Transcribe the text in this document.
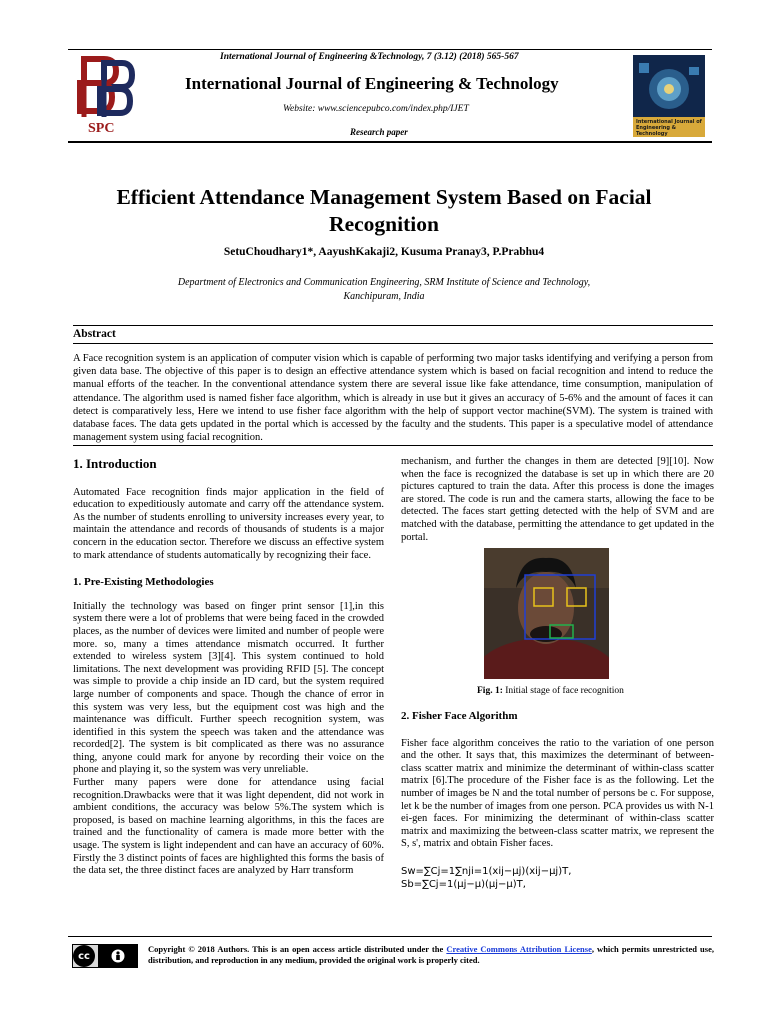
SPC
International Journal of Engineering &Technology, 7 (3.12) (2018) 565-567
International Journal of Engineering & Technology
Website: www.sciencepubco.com/index.php/IJET
Research paper
International Journal of Engineering & Technology
Efficient Attendance Management System Based on Facial
Recognition
SetuChoudhary1*, AayushKakaji2, Kusuma Pranay3, P.Prabhu4
Department of Electronics and Communication Engineering, SRM Institute of Science and Technology,
Kanchipuram, India
Abstract
A Face recognition system is an application of computer vision which is capable of performing two major tasks identifying and verifying a person from given data base. The objective of this paper is to design an effective attendance system which is based on facial recognition and intend to reduce the manual efforts of the teacher. In the conventional attendance system there are several issue like fake attendance, time consumption, manipulation of attendance. The algorithm used is named fisher face algorithm, which is already in use but it gives an accuracy of 5-6% and the amount of faces it can detect is comparatively less, Here we intend to use fisher face algorithm with the help of support vector machine(SVM). The system is trained with database faces. The data gets updated in the portal which is accessed by the faculty and the students. This paper is a speculative model of attendance management system using facial recognition.
1. Introduction

Automated Face recognition finds major application in the field of education to expeditiously automate and carry off the attendance system. As the number of students enrolling to university increases every year, to maintain the attendance and records of thousands of students is a major concern in the education sector. Therefore we discuss an effective system to mark attendance of students automatically by recognizing their face.

1. Pre-Existing Methodologies

Initially the technology was based on finger print sensor [1],in this system there were a lot of problems that were being faced in the crowded places, as the number of devices were limited and number of people were more. so, many a times attendance mismatch occurred. It further extended to wireless system [3][4]. This system continued to hold limitations. The next development was providing RFID [5]. The concept was simple to provide a chip inside an ID card, but the system required large number of components and space. Though the chance of error in this system was very less, but the equipment cost was high and the maintenance was difficult. Further speech recognition system, was identified in this system the speech was taken and the attendance was recorded[2]. The system is bit complicated as there was no assurance thing, anyone could mark for anyone by recording their voice on the phone and playing it, so the system was very unreliable.

Further many papers were done for attendance using facial recognition.Drawbacks were that it was light dependent, did not work in ambient conditions, the accuracy was below 5%.The system which is proposed, is based on machine learning algorithms, in this the faces are trained and the functionality of camera is made more better with the usage. The system is light independent and can have an accuracy of 60%. Firstly the 3 distinct points of faces are highlighted this forms the basis of the data set, the three distinct faces are analyzed by Harr transform

mechanism, and further the changes in them are detected [9][10]. Now when the face is recognized the database is set up in which there are 20 pictures captured to train the data. After this process is done the images are stored. The code is run and the camera starts, allowing the face to be detected. The faces start getting detected with the help of SVM and are matched with the database, permitting the attendance to get updated in the portal.

Fig. 1: Initial stage of face recognition
2. Fisher Face Algorithm

Fisher face algorithm conceives the ratio to the variation of one person and the other. It says that, this maximizes the determinant of between-class scatter matrix and minimize the determinant of within-class scatter matrix [6].The procedure of the Fisher face is as the following. Let the number of images be N and the total number of persons be c. For suppose, let k be the number of images from one person. PCA provides us with N-1 ei-gen faces. For minimizing the determinant of within-class scatter matrix and maximizing the between-class scatter matrix, we represent the S, s', matrix and obtain Fisher faces.

Sw=∑Cj=1∑nji=1(xij−μj)(xij−μj)T,
Sb=∑Cj=1(μj−μ)(μj−μ)T,
cc
Copyright © 2018 Authors. This is an open access article distributed under the Creative Commons Attribution License, which permits unrestricted use, distribution, and reproduction in any medium, provided the original work is properly cited.
